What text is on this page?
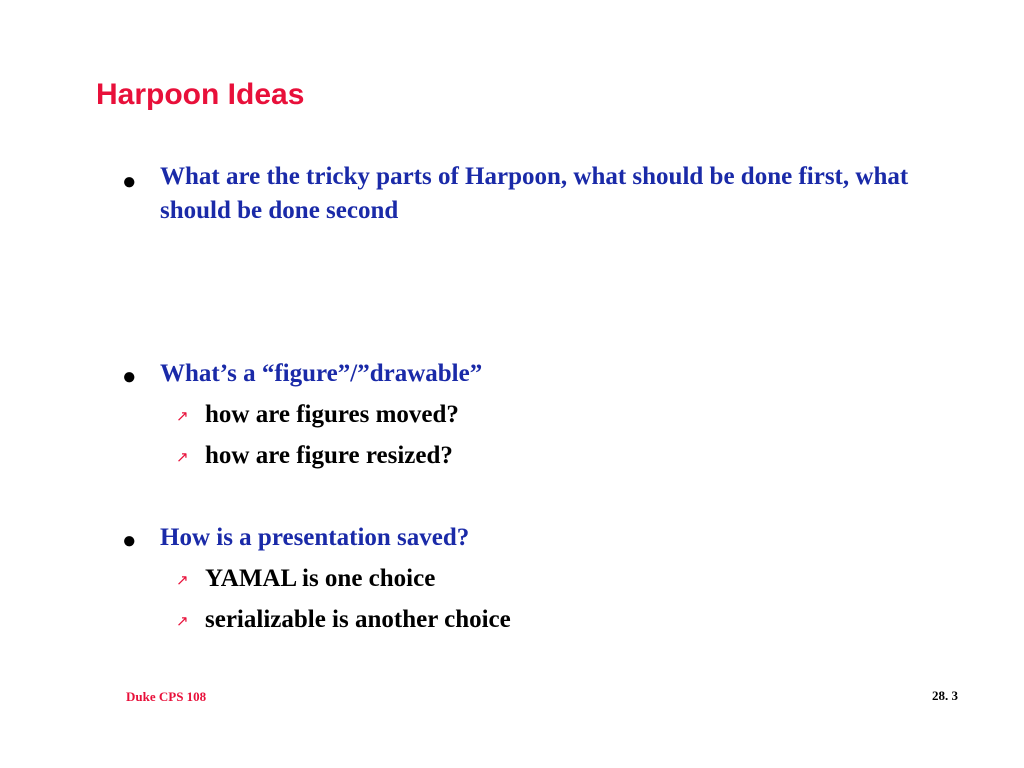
Harpoon Ideas
● What are the tricky parts of Harpoon, what should be done first, what should be done second
● What’s a “figure”/”drawable”
↗ how are figures moved?
↗ how are figure resized?
● How is a presentation saved?
↗ YAMAL is one choice
↗ serializable is another choice
Duke CPS 108	28. 3
